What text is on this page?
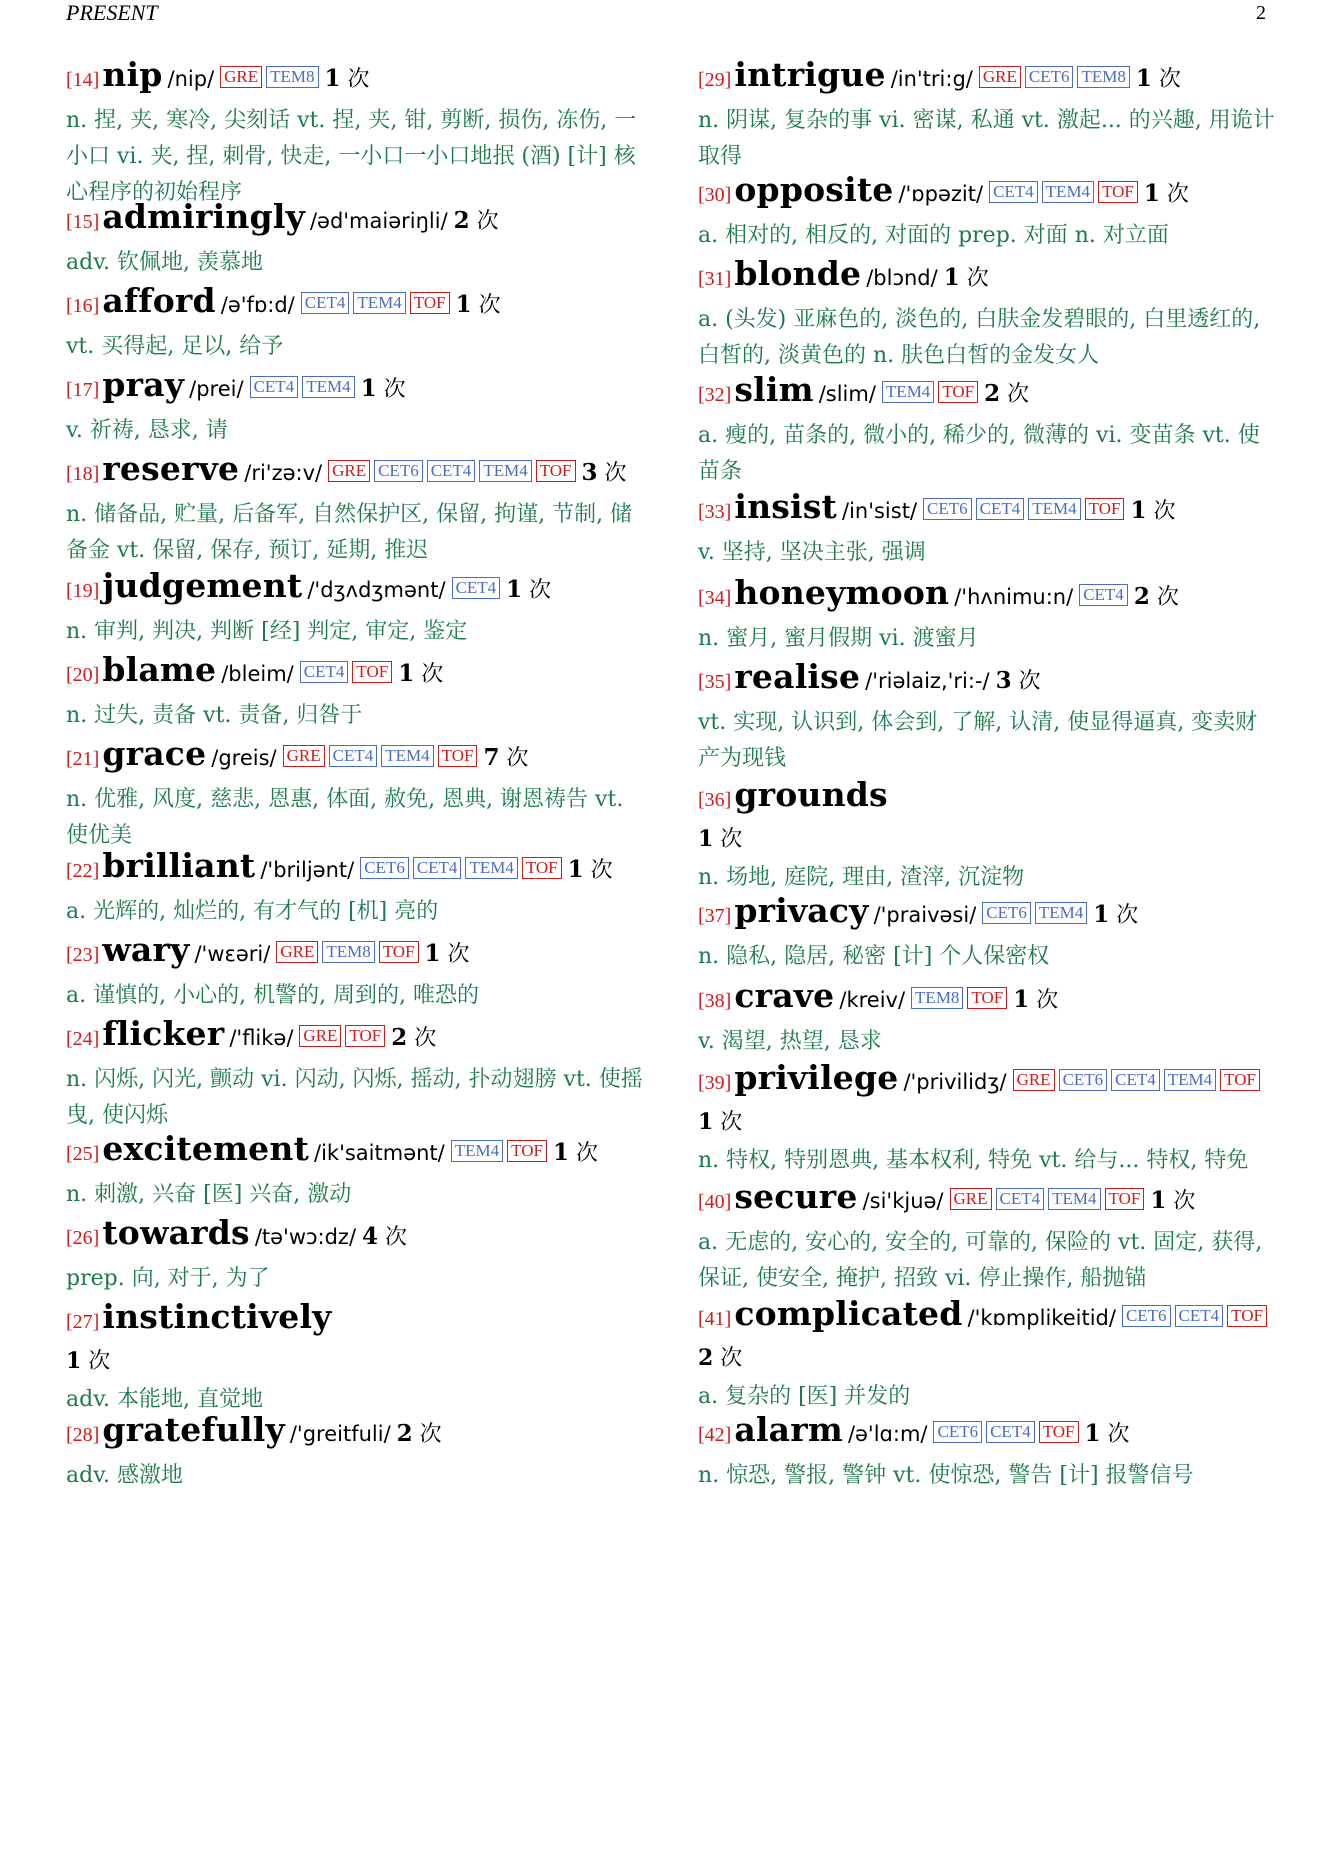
PRESENT	2
[14]nip /nip/ GRE TEM8 1 次
n. 捏, 夹, 寒冷, 尖刻话 vt. 捏, 夹, 钳, 剪断, 损伤, 冻伤, 一小口 vi. 夹, 捏, 刺骨, 快走, 一小口一小口地抿 (酒) [计] 核心程序的初始程序
[15]admiringly /əd'maiəriŋli/ 2 次
adv. 钦佩地, 羡慕地
[16]afford /ə'fɒ:d/ CET4 TEM4 TOF 1 次
vt. 买得起, 足以, 给予
[17]pray /prei/ CET4 TEM4 1 次
v. 祈祷, 恳求, 请
[18]reserve /ri'zə:v/ GRE CET6 CET4 TEM4 TOF 3 次
n. 储备品, 贮量, 后备军, 自然保护区, 保留, 拘谨, 节制, 储备金 vt. 保留, 保存, 预订, 延期, 推迟
[19]judgement /'dʒʌdʒmənt/ CET4 1 次
n. 审判, 判决, 判断 [经] 判定, 审定, 鉴定
[20]blame /bleim/ CET4 TOF 1 次
n. 过失, 责备 vt. 责备, 归咎于
[21]grace /greis/ GRE CET4 TEM4 TOF 7 次
n. 优雅, 风度, 慈悲, 恩惠, 体面, 赦免, 恩典, 谢恩祷告 vt. 使优美
[22]brilliant /'briljənt/ CET6 CET4 TEM4 TOF 1 次
a. 光辉的, 灿烂的, 有才气的 [机] 亮的
[23]wary /'wεəri/ GRE TEM8 TOF 1 次
a. 谨慎的, 小心的, 机警的, 周到的, 唯恐的
[24]flicker /'flikə/ GRE TOF 2 次
n. 闪烁, 闪光, 颤动 vi. 闪动, 闪烁, 摇动, 扑动翅膀 vt. 使摇曳, 使闪烁
[25]excitement /ik'saitmənt/ TEM4 TOF 1 次
n. 刺激, 兴奋 [医] 兴奋, 激动
[26]towards /tə'wɔ:dz/ 4 次
prep. 向, 对于, 为了
[27]instinctively
1 次
adv. 本能地, 直觉地
[28]gratefully /'greitfuli/ 2 次
adv. 感激地
[29]intrigue /in'tri:g/ GRE CET6 TEM8 1 次
n. 阴谋, 复杂的事 vi. 密谋, 私通 vt. 激起... 的兴趣, 用诡计取得
[30]opposite /'ɒpəzit/ CET4 TEM4 TOF 1 次
a. 相对的, 相反的, 对面的 prep. 对面 n. 对立面
[31]blonde /blɔnd/ 1 次
a. (头发) 亚麻色的, 淡色的, 白肤金发碧眼的, 白里透红的, 白皙的, 淡黄色的 n. 肤色白皙的金发女人
[32]slim /slim/ TEM4 TOF 2 次
a. 瘦的, 苗条的, 微小的, 稀少的, 微薄的 vi. 变苗条 vt. 使苗条
[33]insist /in'sist/ CET6 CET4 TEM4 TOF 1 次
v. 坚持, 坚决主张, 强调
[34]honeymoon /'hʌnimu:n/ CET4 2 次
n. 蜜月, 蜜月假期 vi. 渡蜜月
[35]realise /'riəlaiz,'ri:-/ 3 次
vt. 实现, 认识到, 体会到, 了解, 认清, 使显得逼真, 变卖财产为现钱
[36]grounds
1 次
n. 场地, 庭院, 理由, 渣滓, 沉淀物
[37]privacy /'praivəsi/ CET6 TEM4 1 次
n. 隐私, 隐居, 秘密 [计] 个人保密权
[38]crave /kreiv/ TEM8 TOF 1 次
v. 渴望, 热望, 恳求
[39]privilege /'privilidʒ/ GRE CET6 CET4 TEM4 TOF
1 次
n. 特权, 特别恩典, 基本权利, 特免 vt. 给与... 特权, 特免
[40]secure /si'kjuə/ GRE CET4 TEM4 TOF 1 次
a. 无虑的, 安心的, 安全的, 可靠的, 保险的 vt. 固定, 获得, 保证, 使安全, 掩护, 招致 vi. 停止操作, 船抛锚
[41]complicated /'kɒmplikeitid/ CET6 CET4 TOF
2 次
a. 复杂的 [医] 并发的
[42]alarm /ə'lɑ:m/ CET6 CET4 TOF 1 次
n. 惊恐, 警报, 警钟 vt. 使惊恐, 警告 [计] 报警信号
